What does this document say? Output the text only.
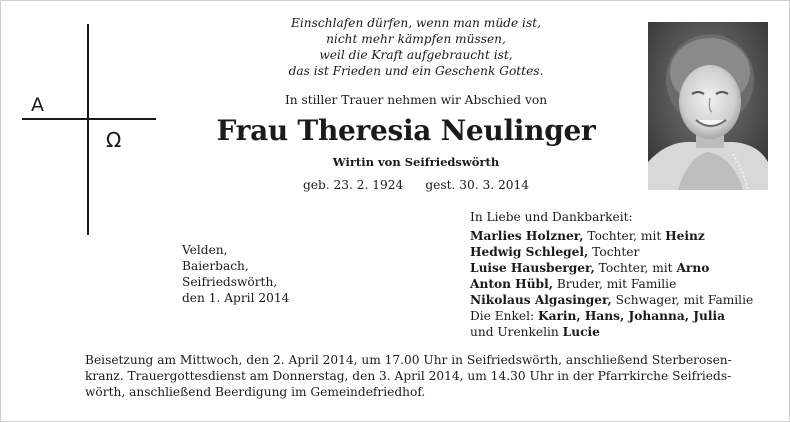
A
Ω
Einschlafen dürfen, wenn man müde ist,
nicht mehr kämpfen müssen,
weil die Kraft aufgebraucht ist,
das ist Frieden und ein Geschenk Gottes.
In stiller Trauer nehmen wir Abschied von
Frau Theresia Neulinger
Wirtin von Seifriedswörth
geb. 23. 2. 1924 gest. 30. 3. 2014
Velden,
Baierbach,
Seifriedswörth,
den 1. April 2014
In Liebe und Dankbarkeit:
Marlies Holzner, Tochter, mit Heinz
Hedwig Schlegel, Tochter
Luise Hausberger, Tochter, mit Arno
Anton Hübl, Bruder, mit Familie
Nikolaus Algasinger, Schwager, mit Familie
Die Enkel: Karin, Hans, Johanna, Julia
und Urenkelin Lucie
Beisetzung am Mittwoch, den 2. April 2014, um 17.00 Uhr in Seifriedswörth, anschließend Sterberosen-
kranz. Trauergottesdienst am Donnerstag, den 3. April 2014, um 14.30 Uhr in der Pfarrkirche Seifrieds-
wörth, anschließend Beerdigung im Gemeindefriedhof.
